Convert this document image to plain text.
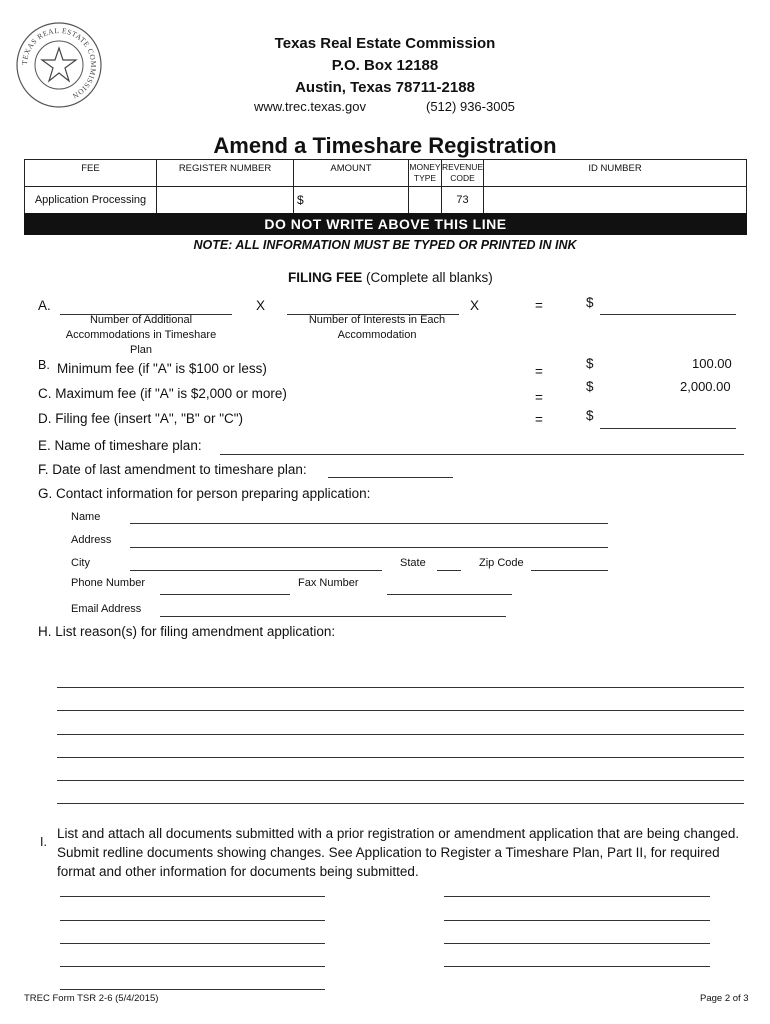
TEXAS REAL ESTATE COMMISSION
Texas Real Estate Commission
P.O. Box 12188
Austin, Texas 78711-2188
www.trec.texas.gov	(512) 936-3005
Amend a Timeshare Registration
FEE	REGISTER NUMBER	AMOUNT	MONEY TYPE	REVENUE CODE	ID NUMBER
Application Processing		$		73	
DO NOT WRITE ABOVE THIS LINE
NOTE: ALL INFORMATION MUST BE TYPED OR PRINTED IN INK
FILING FEE (Complete all blanks)
A.	X	X	=	$
Number of Additional Accommodations in Timeshare Plan
Number of Interests in Each Accommodation
B. Minimum fee (if "A" is $100 or less)	=
$	100.00
C. Maximum fee (if "A" is $2,000 or more)	=
$	2,000.00
D. Filing fee (insert "A", "B" or "C")	=	$
E. Name of timeshare plan:
F. Date of last amendment to timeshare plan:
G. Contact information for person preparing application:
Name
Address
City	State	Zip Code
Phone Number	Fax Number
Email Address
H. List reason(s) for filing amendment application:
I.
List and attach all documents submitted with a prior registration or amendment application that are being changed. Submit redline documents showing changes. See Application to Register a Timeshare Plan, Part II, for required format and other information for documents being submitted.
TREC Form TSR 2-6 (5/4/2015)	Page 2 of 3
